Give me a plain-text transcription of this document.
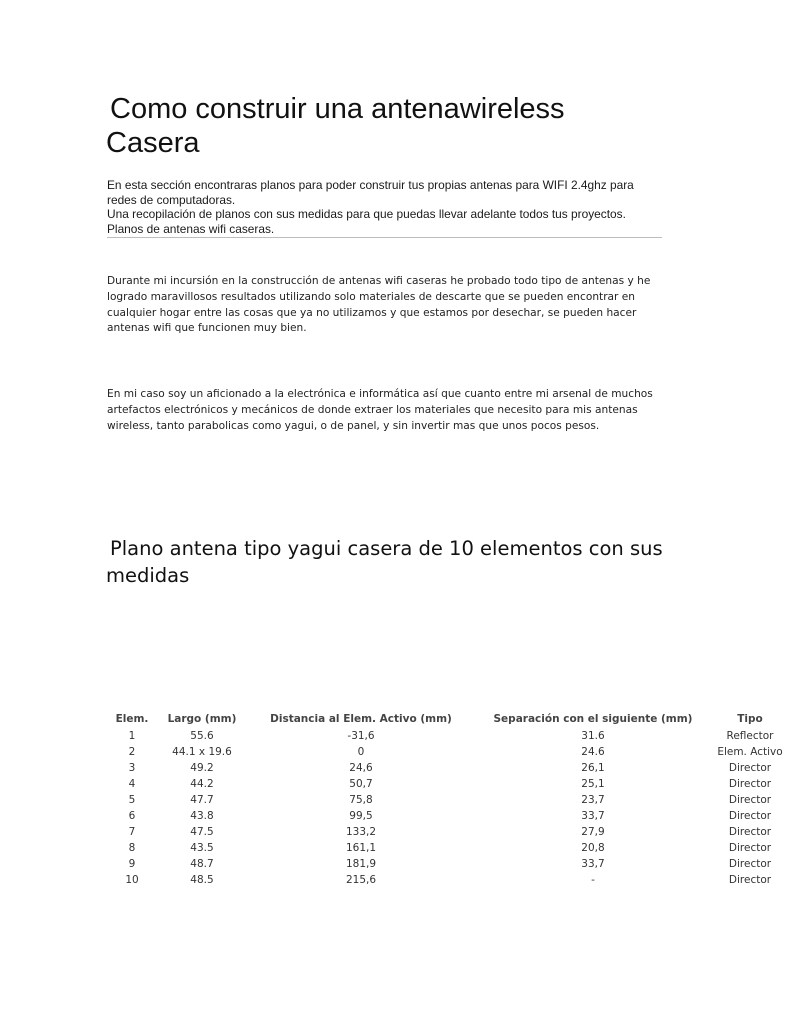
Como construir una antenawireless
Casera

En esta sección encontraras planos para poder construir tus propias antenas para WIFI 2.4ghz para redes de computadoras.

Una recopilación de planos con sus medidas para que puedas llevar adelante todos tus proyectos.

Planos de antenas wifi caseras.

Durante mi incursión en la construcción de antenas wifi caseras he probado todo tipo de antenas y he logrado maravillosos resultados utilizando solo materiales de descarte que se pueden encontrar en cualquier hogar entre las cosas que ya no utilizamos y que estamos por desechar, se pueden hacer antenas wifi que funcionen muy bien.

En mi caso soy un aficionado a la electrónica e informática así que cuanto entre mi arsenal de muchos artefactos electrónicos y mecánicos de donde extraer los materiales que necesito para mis antenas wireless, tanto parabolicas como yagui, o de panel, y sin invertir mas que unos pocos pesos.

Plano antena tipo yagui casera de 10 elementos con sus medidas
Elem.	Largo (mm)	Distancia al Elem. Activo (mm)	Separación con el siguiente (mm)	Tipo
1	55.6	-31,6	31.6	Reflector
2	44.1 x 19.6	0	24.6	Elem. Activo
3	49.2	24,6	26,1	Director
4	44.2	50,7	25,1	Director
5	47.7	75,8	23,7	Director
6	43.8	99,5	33,7	Director
7	47.5	133,2	27,9	Director
8	43.5	161,1	20,8	Director
9	48.7	181,9	33,7	Director
10	48.5	215,6	-	Director
